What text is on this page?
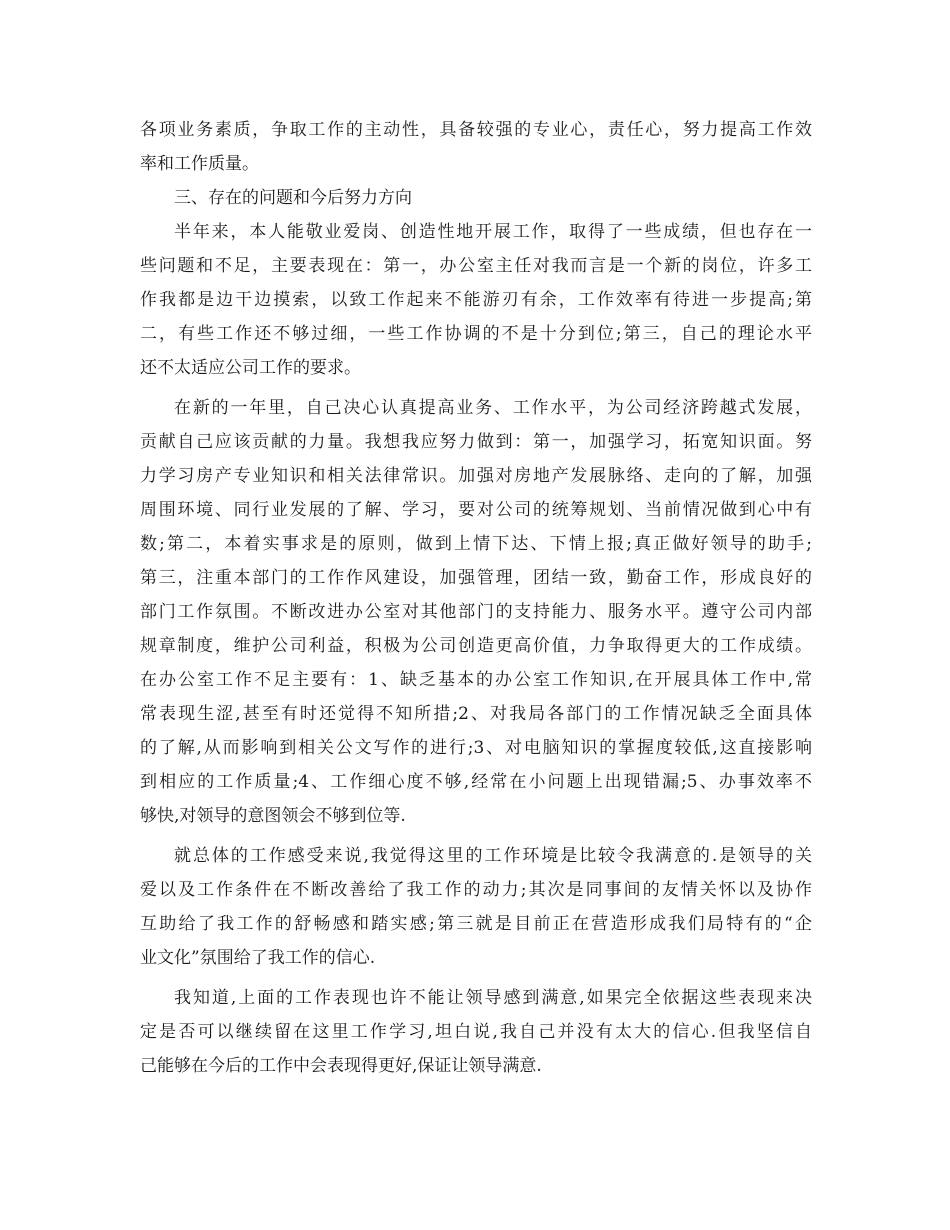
各项业务素质，争取工作的主动性，具备较强的专业心，责任心，努力提高工作效
率和工作质量。
三、存在的问题和今后努力方向
半年来，本人能敬业爱岗、创造性地开展工作，取得了一些成绩，但也存在一
些问题和不足，主要表现在：第一，办公室主任对我而言是一个新的岗位，许多工
作我都是边干边摸索，以致工作起来不能游刃有余，工作效率有待进一步提高;第
二，有些工作还不够过细，一些工作协调的不是十分到位;第三，自己的理论水平
还不太适应公司工作的要求。
在新的一年里，自己决心认真提高业务、工作水平，为公司经济跨越式发展，
贡献自己应该贡献的力量。我想我应努力做到：第一，加强学习，拓宽知识面。努
力学习房产专业知识和相关法律常识。加强对房地产发展脉络、走向的了解，加强
周围环境、同行业发展的了解、学习，要对公司的统筹规划、当前情况做到心中有
数;第二，本着实事求是的原则，做到上情下达、下情上报;真正做好领导的助手;
第三，注重本部门的工作作风建设，加强管理，团结一致，勤奋工作，形成良好的
部门工作氛围。不断改进办公室对其他部门的支持能力、服务水平。遵守公司内部
规章制度，维护公司利益，积极为公司创造更高价值，力争取得更大的工作成绩。
在办公室工作不足主要有：1、缺乏基本的办公室工作知识,在开展具体工作中,常
常表现生涩,甚至有时还觉得不知所措;2、对我局各部门的工作情况缺乏全面具体
的了解,从而影响到相关公文写作的进行;3、对电脑知识的掌握度较低,这直接影响
到相应的工作质量;4、工作细心度不够,经常在小问题上出现错漏;5、办事效率不
够快,对领导的意图领会不够到位等.
就总体的工作感受来说,我觉得这里的工作环境是比较令我满意的.是领导的关
爱以及工作条件在不断改善给了我工作的动力;其次是同事间的友情关怀以及协作
互助给了我工作的舒畅感和踏实感;第三就是目前正在营造形成我们局特有的“企
业文化”氛围给了我工作的信心.
我知道,上面的工作表现也许不能让领导感到满意,如果完全依据这些表现来决
定是否可以继续留在这里工作学习,坦白说,我自己并没有太大的信心.但我坚信自
己能够在今后的工作中会表现得更好,保证让领导满意.
